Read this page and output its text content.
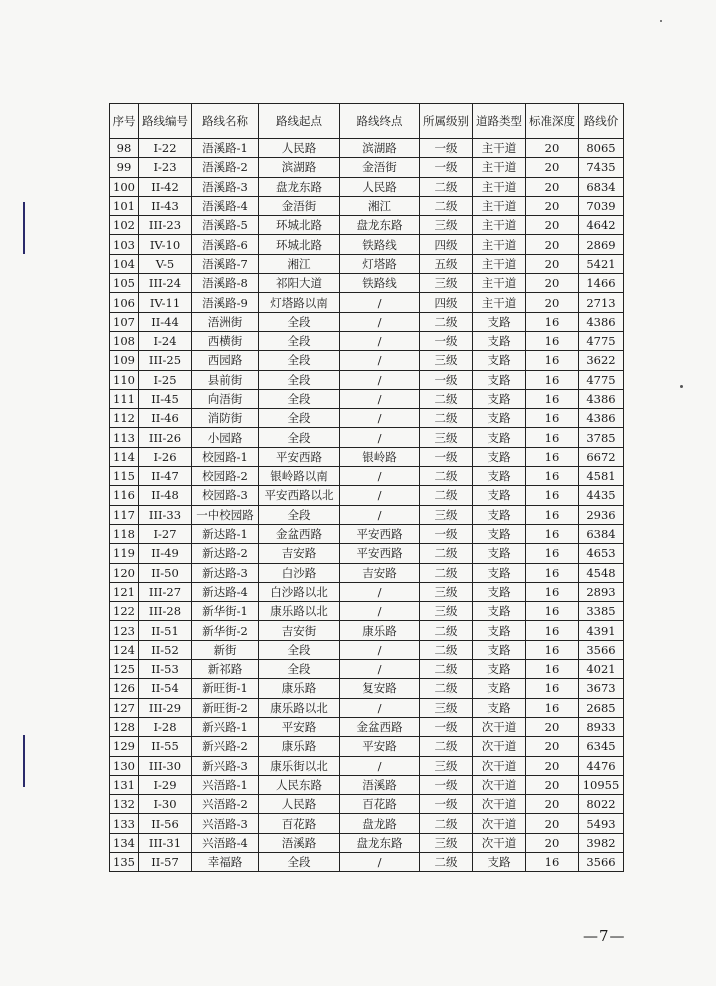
序号	路线编号	路线名称	路线起点	路线终点	所属级别	道路类型	标准深度	路线价
98	I-22	浯溪路-1	人民路	滨湖路	一级	主干道	20	8065
99	I-23	浯溪路-2	滨湖路	金浯街	一级	主干道	20	7435
100	II-42	浯溪路-3	盘龙东路	人民路	二级	主干道	20	6834
101	II-43	浯溪路-4	金浯街	湘江	二级	主干道	20	7039
102	III-23	浯溪路-5	环城北路	盘龙东路	三级	主干道	20	4642
103	IV-10	浯溪路-6	环城北路	铁路线	四级	主干道	20	2869
104	V-5	浯溪路-7	湘江	灯塔路	五级	主干道	20	5421
105	III-24	浯溪路-8	祁阳大道	铁路线	三级	主干道	20	1466
106	IV-11	浯溪路-9	灯塔路以南	/	四级	主干道	20	2713
107	II-44	浯洲街	全段	/	二级	支路	16	4386
108	I-24	西横街	全段	/	一级	支路	16	4775
109	III-25	西园路	全段	/	三级	支路	16	3622
110	I-25	县前街	全段	/	一级	支路	16	4775
111	II-45	向浯街	全段	/	二级	支路	16	4386
112	II-46	消防街	全段	/	二级	支路	16	4386
113	III-26	小园路	全段	/	三级	支路	16	3785
114	I-26	校园路-1	平安西路	银岭路	一级	支路	16	6672
115	II-47	校园路-2	银岭路以南	/	二级	支路	16	4581
116	II-48	校园路-3	平安西路以北	/	二级	支路	16	4435
117	III-33	一中校园路	全段	/	三级	支路	16	2936
118	I-27	新达路-1	金盆西路	平安西路	一级	支路	16	6384
119	II-49	新达路-2	吉安路	平安西路	二级	支路	16	4653
120	II-50	新达路-3	白沙路	吉安路	二级	支路	16	4548
121	III-27	新达路-4	白沙路以北	/	三级	支路	16	2893
122	III-28	新华街-1	康乐路以北	/	三级	支路	16	3385
123	II-51	新华街-2	吉安街	康乐路	二级	支路	16	4391
124	II-52	新街	全段	/	二级	支路	16	3566
125	II-53	新祁路	全段	/	二级	支路	16	4021
126	II-54	新旺街-1	康乐路	复安路	二级	支路	16	3673
127	III-29	新旺街-2	康乐路以北	/	三级	支路	16	2685
128	I-28	新兴路-1	平安路	金盆西路	一级	次干道	20	8933
129	II-55	新兴路-2	康乐路	平安路	二级	次干道	20	6345
130	III-30	新兴路-3	康乐街以北	/	三级	次干道	20	4476
131	I-29	兴浯路-1	人民东路	浯溪路	一级	次干道	20	10955
132	I-30	兴浯路-2	人民路	百花路	一级	次干道	20	8022
133	II-56	兴浯路-3	百花路	盘龙路	二级	次干道	20	5493
134	III-31	兴浯路-4	浯溪路	盘龙东路	三级	次干道	20	3982
135	II-57	幸福路	全段	/	二级	支路	16	3566
—7—
